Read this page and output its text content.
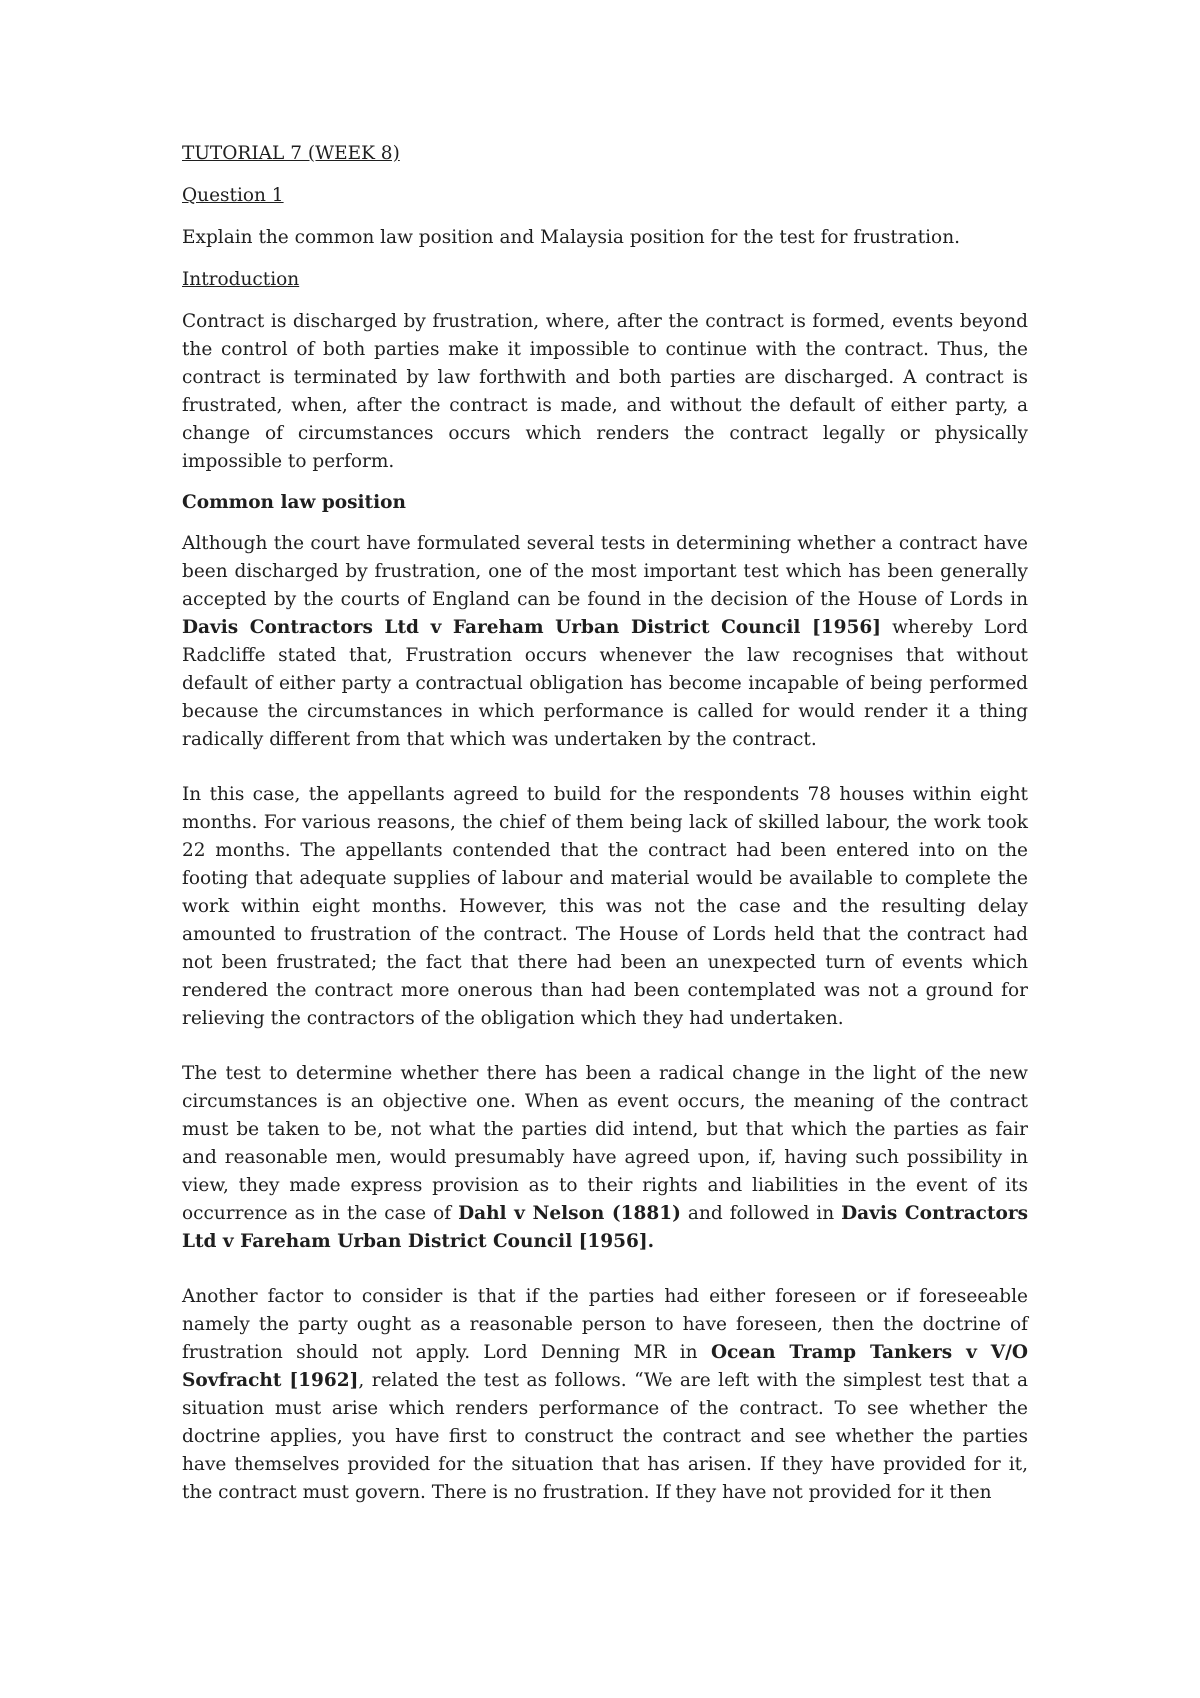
TUTORIAL 7 (WEEK 8)

Question 1

Explain the common law position and Malaysia position for the test for frustration.

Introduction

Contract is discharged by frustration, where, after the contract is formed, events beyond the control of both parties make it impossible to continue with the contract. Thus, the contract is terminated by law forthwith and both parties are discharged. A contract is frustrated, when, after the contract is made, and without the default of either party, a change of circumstances occurs which renders the contract legally or physically impossible to perform.

Common law position

Although the court have formulated several tests in determining whether a contract have been discharged by frustration, one of the most important test which has been generally accepted by the courts of England can be found in the decision of the House of Lords in Davis Contractors Ltd v Fareham Urban District Council [1956] whereby Lord Radcliffe stated that, Frustration occurs whenever the law recognises that without default of either party a contractual obligation has become incapable of being performed because the circumstances in which performance is called for would render it a thing radically different from that which was undertaken by the contract.

In this case, the appellants agreed to build for the respondents 78 houses within eight months. For various reasons, the chief of them being lack of skilled labour, the work took 22 months. The appellants contended that the contract had been entered into on the footing that adequate supplies of labour and material would be available to complete the work within eight months. However, this was not the case and the resulting delay amounted to frustration of the contract. The House of Lords held that the contract had not been frustrated; the fact that there had been an unexpected turn of events which rendered the contract more onerous than had been contemplated was not a ground for relieving the contractors of the obligation which they had undertaken.

The test to determine whether there has been a radical change in the light of the new circumstances is an objective one. When as event occurs, the meaning of the contract must be taken to be, not what the parties did intend, but that which the parties as fair and reasonable men, would presumably have agreed upon, if, having such possibility in view, they made express provision as to their rights and liabilities in the event of its occurrence as in the case of Dahl v Nelson (1881) and followed in Davis Contractors Ltd v Fareham Urban District Council [1956].

Another factor to consider is that if the parties had either foreseen or if foreseeable namely the party ought as a reasonable person to have foreseen, then the doctrine of frustration should not apply. Lord Denning MR in Ocean Tramp Tankers v V/O Sovfracht [1962], related the test as follows. “We are left with the simplest test that a situation must arise which renders performance of the contract. To see whether the doctrine applies, you have first to construct the contract and see whether the parties have themselves provided for the situation that has arisen. If they have provided for it, the contract must govern. There is no frustration. If they have not provided for it then
